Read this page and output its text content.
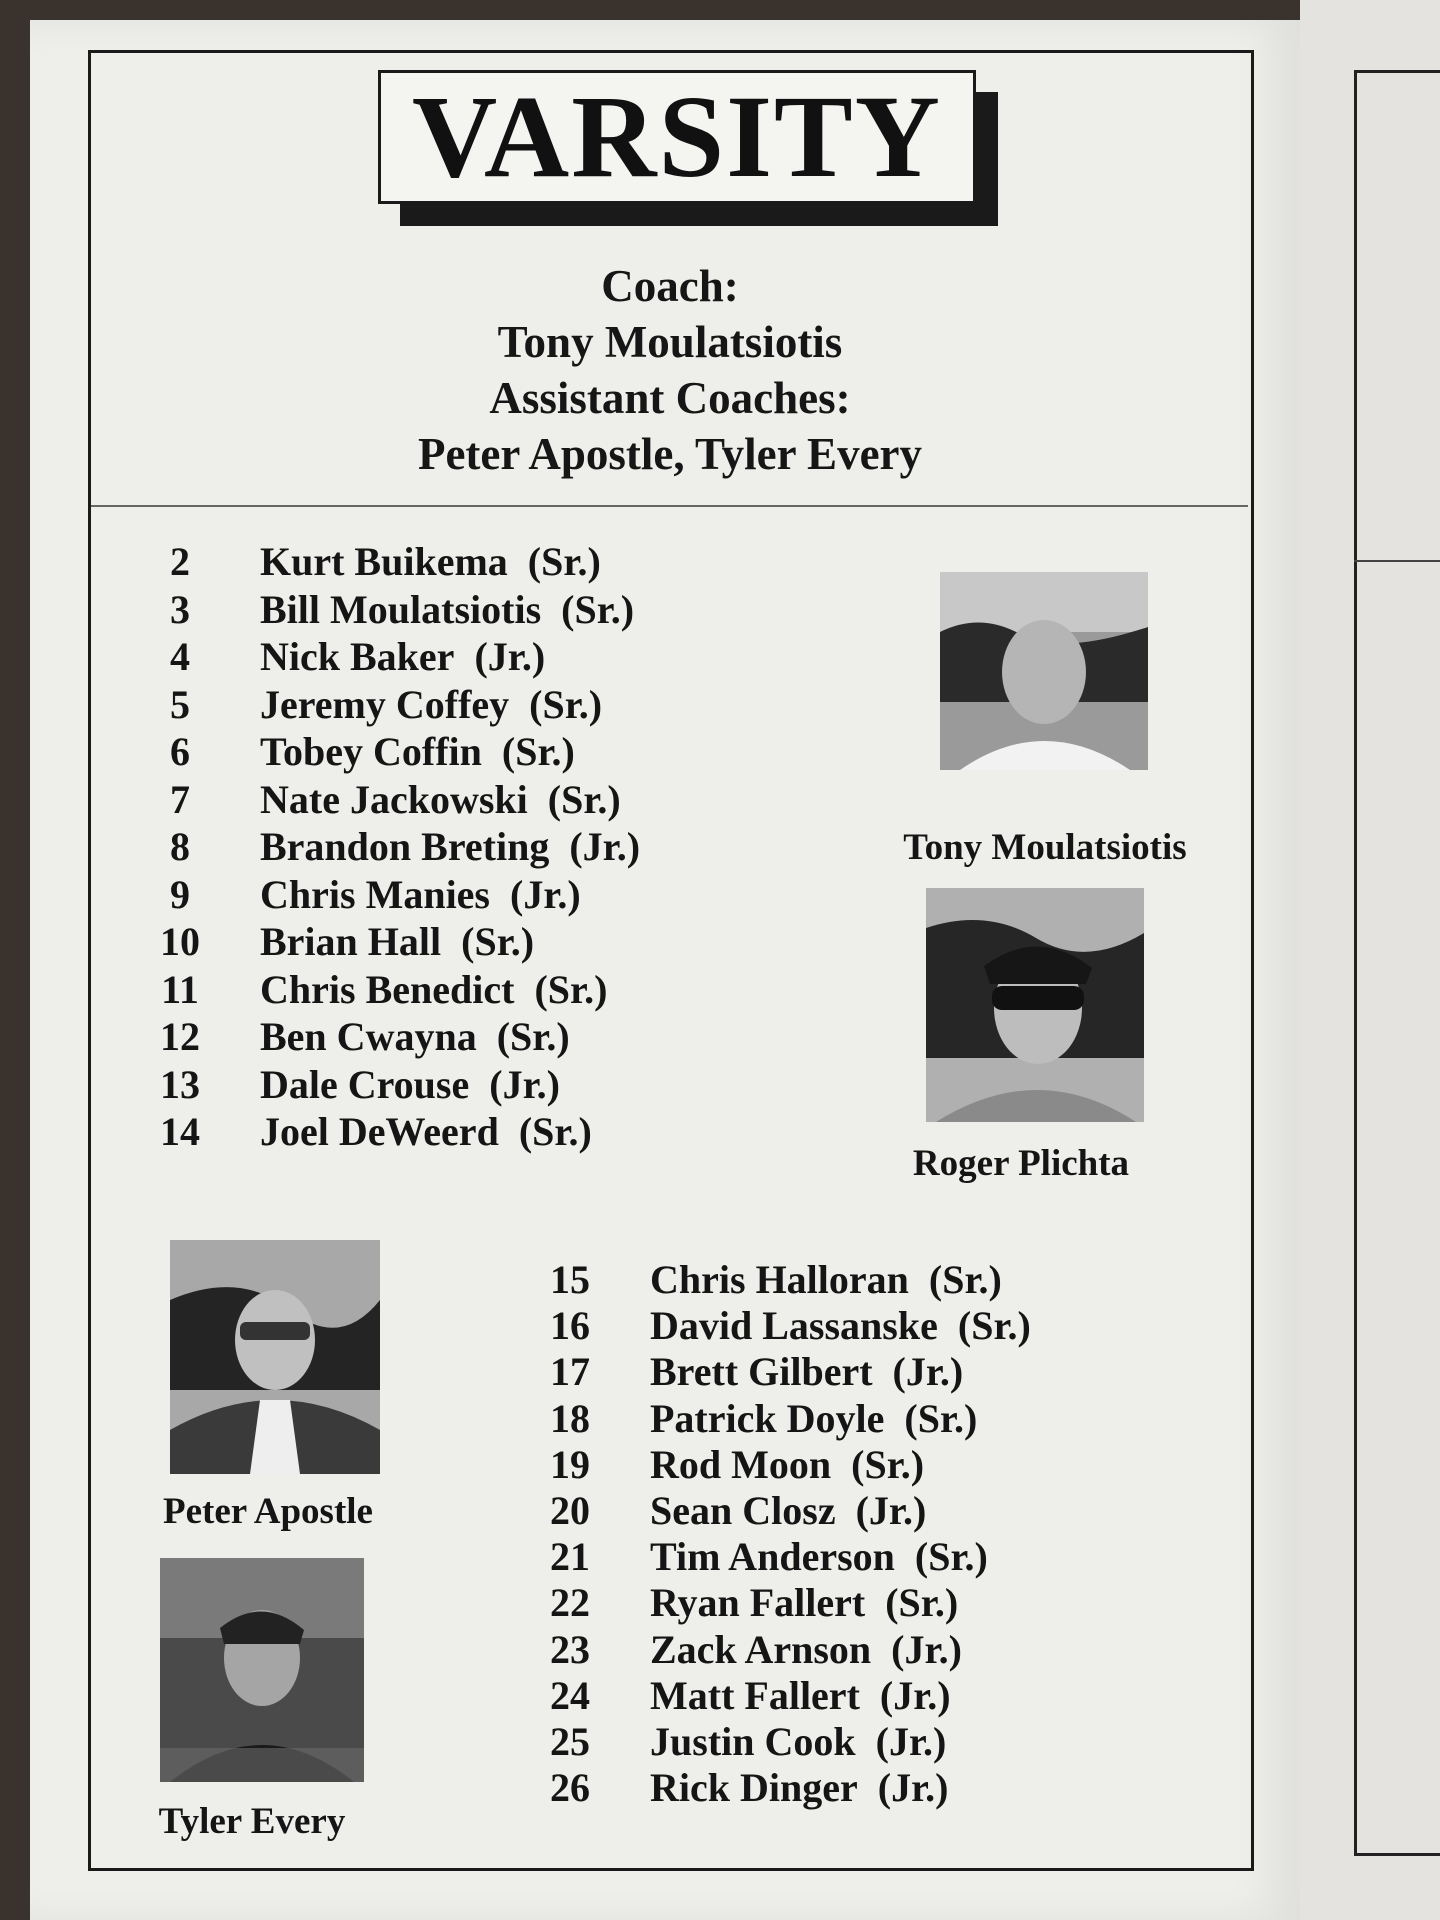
VARSITY
Coach:
Tony Moulatsiotis
Assistant Coaches:
Peter Apostle, Tyler Every
2	Kurt Buikema (Sr.)
3	Bill Moulatsiotis (Sr.)
4	Nick Baker (Jr.)
5	Jeremy Coffey (Sr.)
6	Tobey Coffin (Sr.)
7	Nate Jackowski (Sr.)
8	Brandon Breting (Jr.)
9	Chris Manies (Jr.)
10	Brian Hall (Sr.)
11	Chris Benedict (Sr.)
12	Ben Cwayna (Sr.)
13	Dale Crouse (Jr.)
14	Joel DeWeerd (Sr.)
15	Chris Halloran (Sr.)
16	David Lassanske (Sr.)
17	Brett Gilbert (Jr.)
18	Patrick Doyle (Sr.)
19	Rod Moon (Sr.)
20	Sean Closz (Jr.)
21	Tim Anderson (Sr.)
22	Ryan Fallert (Sr.)
23	Zack Arnson (Jr.)
24	Matt Fallert (Jr.)
25	Justin Cook (Jr.)
26	Rick Dinger (Jr.)
Tony Moulatsiotis
Roger Plichta
Peter Apostle
Tyler Every
